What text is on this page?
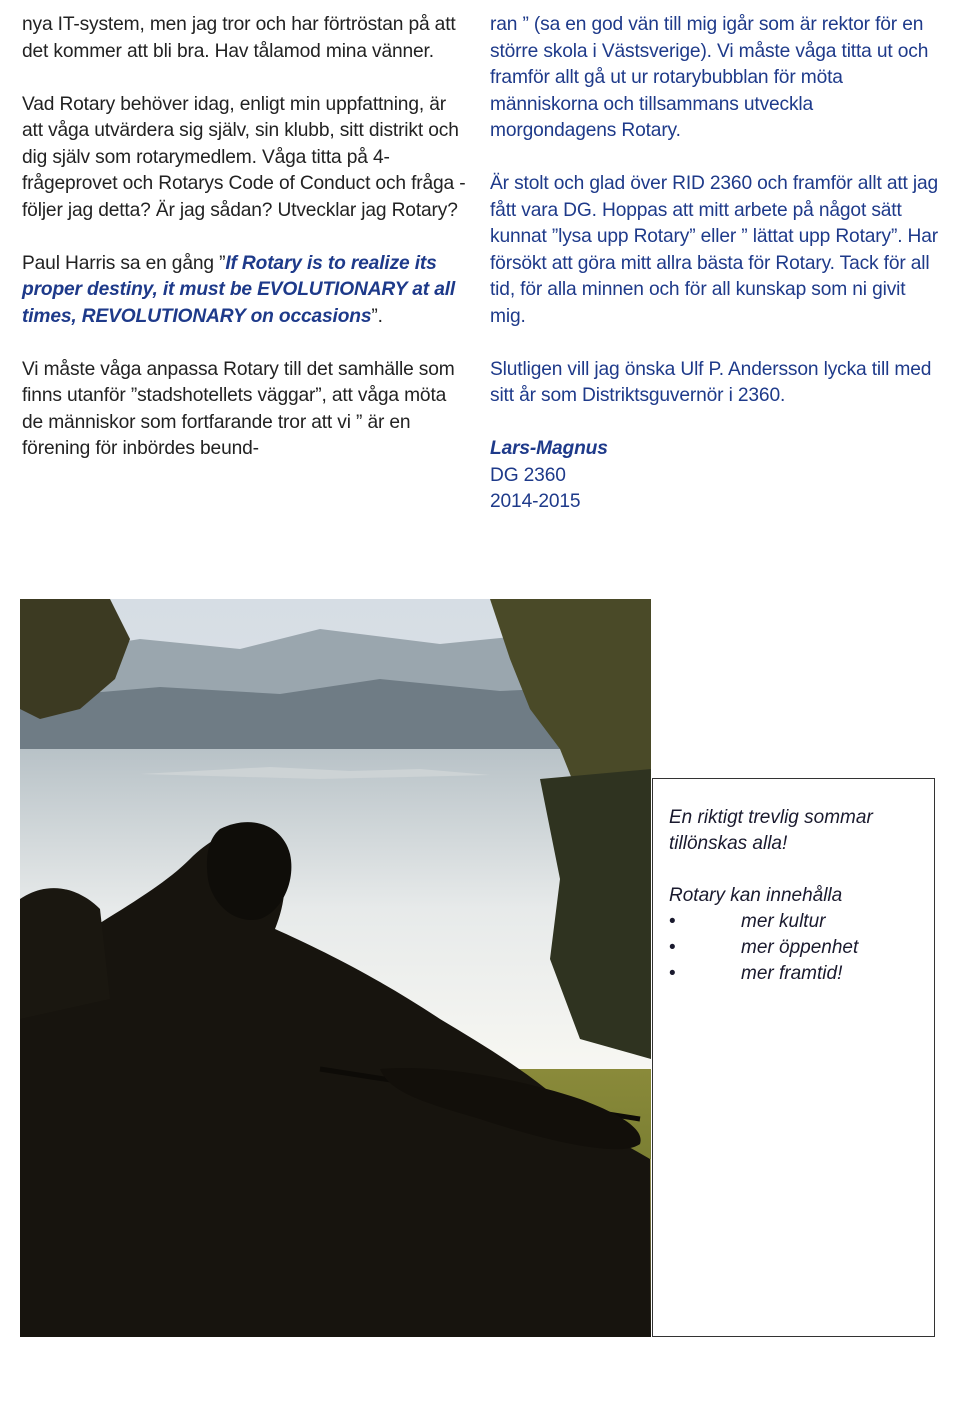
nya IT-system, men jag tror och har förtröstan på att det kommer att bli bra. Hav tålamod mina vänner.

Vad Rotary behöver idag, enligt min uppfattning, är att våga utvärdera sig själv, sin klubb, sitt distrikt och dig själv som rotarymedlem. Våga titta på 4-frågeprovet och Rotarys Code of Conduct och fråga - följer jag detta? Är jag sådan? Utvecklar jag Rotary?

Paul Harris sa en gång ”If Rotary is to realize its proper destiny, it must be EVOLUTIONARY at all times, REVOLUTIONARY on occasions”.

Vi måste våga anpassa Rotary till det samhälle som finns utanför ”stadshotellets väggar”, att våga möta de människor som fortfarande tror att vi ” är en förening för inbördes beund-

ran ” (sa en god vän till mig igår som är rektor för en större skola i Västsverige). Vi måste våga titta ut och framför allt gå ut ur rotarybubblan för möta människorna och tillsammans utveckla morgondagens Rotary.

Är stolt och glad över RID 2360 och framför allt att jag fått vara DG. Hoppas att mitt arbete på något sätt kunnat ”lysa upp Rotary” eller ” lättat upp Rotary”. Har försökt att göra mitt allra bästa för Rotary. Tack för all tid, för alla minnen och för all kunskap som ni givit mig.

Slutligen vill jag önska Ulf P. Andersson lycka till med sitt år som Distriktsguvernör i 2360.

Lars-Magnus

DG 2360

2014-2015

En riktigt trevlig sommar tillönskas alla!

Rotary kan innehålla
•	mer kultur
•	mer öppenhet
•	mer framtid!
